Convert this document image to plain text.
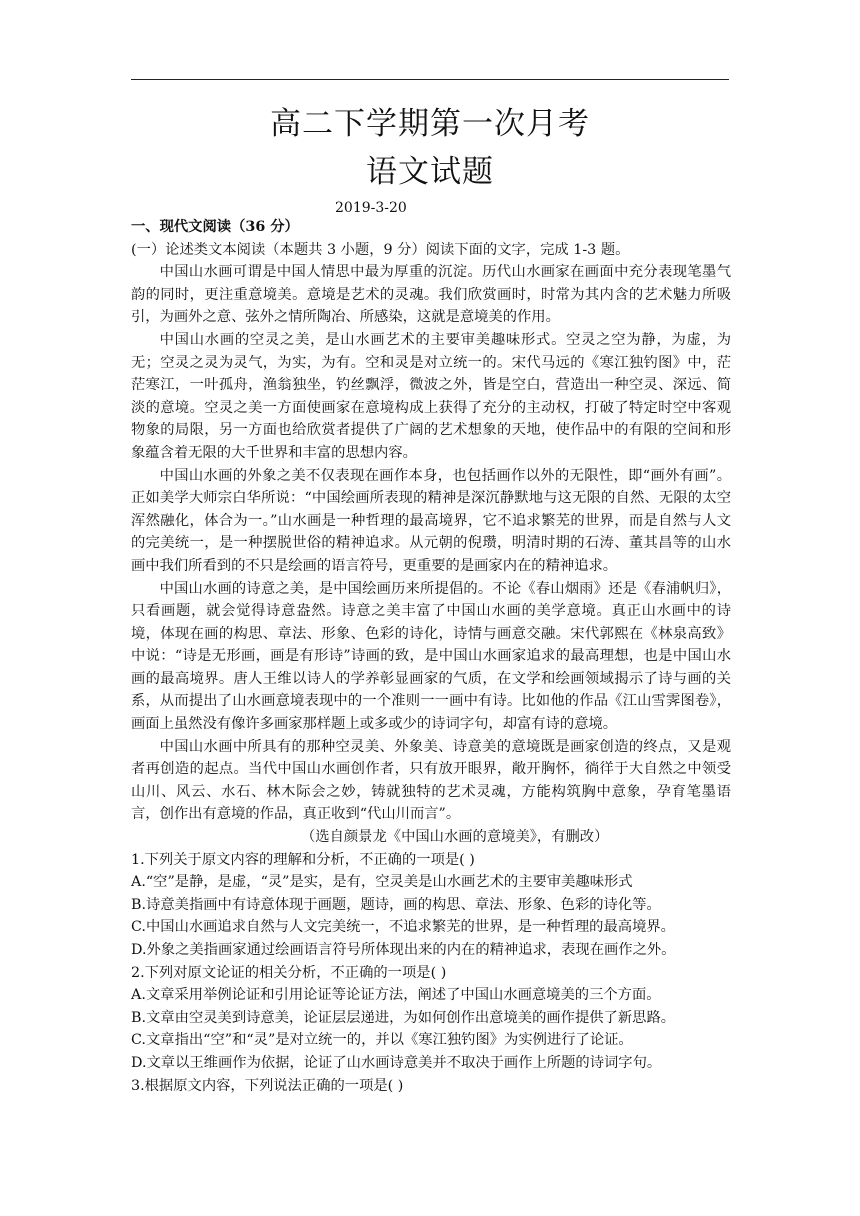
高二下学期第一次月考
语文试题
2019-3-20

一、现代文阅读（36 分）

(一）论述类文本阅读（本题共 3 小题，9 分）阅读下面的文字，完成 1-3 题。

中国山水画可谓是中国人情思中最为厚重的沉淀。历代山水画家在画面中充分表现笔墨气韵的同时，更注重意境美。意境是艺术的灵魂。我们欣赏画时，时常为其内含的艺术魅力所吸引，为画外之意、弦外之情所陶冶、所感染，这就是意境美的作用。

中国山水画的空灵之美，是山水画艺术的主要审美趣味形式。空灵之空为静，为虚，为无；空灵之灵为灵气，为实，为有。空和灵是对立统一的。宋代马远的《寒江独钓图》中，茫茫寒江，一叶孤舟，渔翁独坐，钓丝飘浮，微波之外，皆是空白，营造出一种空灵、深远、简淡的意境。空灵之美一方面使画家在意境构成上获得了充分的主动权，打破了特定时空中客观物象的局限，另一方面也给欣赏者提供了广阔的艺术想象的天地，使作品中的有限的空间和形象蕴含着无限的大千世界和丰富的思想内容。

中国山水画的外象之美不仅表现在画作本身，也包括画作以外的无限性，即“画外有画”。正如美学大师宗白华所说：“中国绘画所表现的精神是深沉静默地与这无限的自然、无限的太空浑然融化，体合为一。”山水画是一种哲理的最高境界，它不追求繁芜的世界，而是自然与人文的完美统一，是一种摆脱世俗的精神追求。从元朝的倪瓒，明清时期的石涛、董其昌等的山水画中我们所看到的不只是绘画的语言符号，更重要的是画家内在的精神追求。

中国山水画的诗意之美，是中国绘画历来所提倡的。不论《春山烟雨》还是《春浦帆归》，只看画题，就会觉得诗意盎然。诗意之美丰富了中国山水画的美学意境。真正山水画中的诗境，体现在画的构思、章法、形象、色彩的诗化，诗情与画意交融。宋代郭熙在《林泉高致》中说：“诗是无形画，画是有形诗”诗画的致，是中国山水画家追求的最高理想，也是中国山水画的最高境界。唐人王维以诗人的学养彰显画家的气质，在文学和绘画领域揭示了诗与画的关系，从而提出了山水画意境表现中的一个准则一一画中有诗。比如他的作品《江山雪霁图卷》，画面上虽然没有像许多画家那样题上或多或少的诗词字句，却富有诗的意境。

中国山水画中所具有的那种空灵美、外象美、诗意美的意境既是画家创造的终点，又是观者再创造的起点。当代中国山水画创作者，只有放开眼界，敞开胸怀，徜徉于大自然之中领受山川、风云、水石、林木际会之妙，铸就独特的艺术灵魂，方能构筑胸中意象，孕育笔墨语言，创作出有意境的作品，真正收到“代山川而言”。

（选自颜景龙《中国山水画的意境美》，有删改）

1.下列关于原文内容的理解和分析，不正确的一项是( )

A.“空”是静，是虚，“灵”是实，是有，空灵美是山水画艺术的主要审美趣味形式

B.诗意美指画中有诗意体现于画题，题诗，画的构思、章法、形象、色彩的诗化等。

C.中国山水画追求自然与人文完美统一，不追求繁芜的世界，是一种哲理的最高境界。

D.外象之美指画家通过绘画语言符号所体现出来的内在的精神追求，表现在画作之外。

2.下列对原文论证的相关分析，不正确的一项是( )

A.文章采用举例论证和引用论证等论证方法，阐述了中国山水画意境美的三个方面。

B.文章由空灵美到诗意美，论证层层递进，为如何创作出意境美的画作提供了新思路。

C.文章指出“空”和“灵”是对立统一的，并以《寒江独钓图》为实例进行了论证。

D.文章以王维画作为依据，论证了山水画诗意美并不取决于画作上所题的诗词字句。

3.根据原文内容，下列说法正确的一项是( )
